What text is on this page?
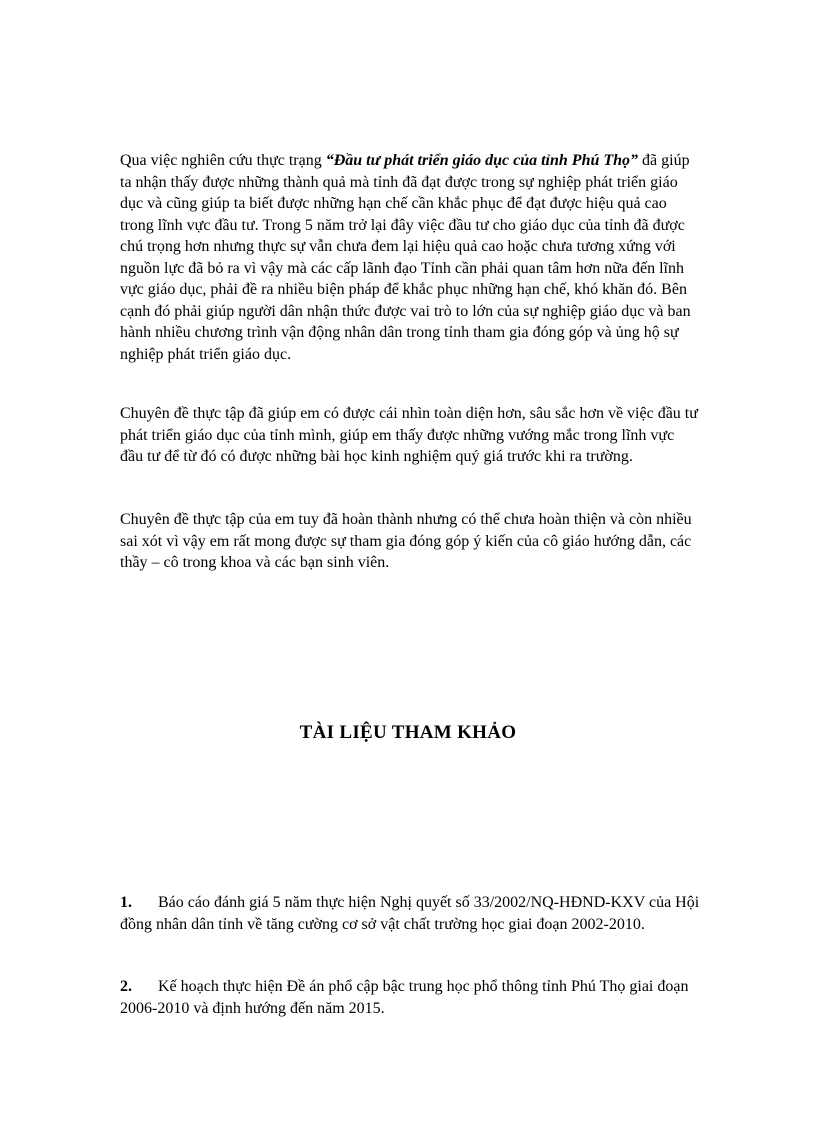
Qua việc nghiên cứu thực trạng “Đầu tư phát triển giáo dục của tỉnh Phú Thọ” đã giúp ta nhận thấy được những thành quả mà tỉnh đã đạt được trong sự nghiệp phát triển giáo dục và cũng giúp ta biết được những hạn chế cần khắc phục để đạt được hiệu quả cao trong lĩnh vực đầu tư. Trong 5 năm trở lại đây việc đầu tư cho giáo dục của tỉnh đã được chú trọng hơn nhưng thực sự vẫn chưa đem lại hiệu quả cao hoặc chưa tương xứng với nguồn lực đã bỏ ra vì vậy mà các cấp lãnh đạo Tỉnh cần phải quan tâm hơn nữa đến lĩnh vực giáo dục, phải đề ra nhiều biện pháp để khắc phục những hạn chế, khó khăn đó. Bên cạnh đó phải giúp người dân nhận thức được vai trò to lớn của sự nghiệp giáo dục và ban hành nhiều chương trình vận động nhân dân trong tỉnh tham gia đóng góp và ủng hộ sự nghiệp phát triển giáo dục.

Chuyên đề thực tập đã giúp em có được cái nhìn toàn diện hơn, sâu sắc hơn về việc đầu tư phát triển giáo dục của tỉnh mình, giúp em thấy được những vướng mắc trong lĩnh vực đầu tư để từ đó có được những bài học kinh nghiệm quý giá trước khi ra trường.

Chuyên đề thực tập của em tuy đã hoàn thành nhưng có thể chưa hoàn thiện và còn nhiều sai xót vì vậy em rất mong được sự tham gia đóng góp ý kiến của cô giáo hướng dẫn, các thầy – cô trong khoa và các bạn sinh viên.

TÀI LIỆU THAM KHẢO

1. Báo cáo đánh giá 5 năm thực hiện Nghị quyết số 33/2002/NQ-HĐND-KXV của Hội đồng nhân dân tỉnh về tăng cường cơ sở vật chất trường học giai đoạn 2002-2010.

2. Kế hoạch thực hiện Đề án phổ cập bậc trung học phổ thông tỉnh Phú Thọ giai đoạn 2006-2010 và định hướng đến năm 2015.
